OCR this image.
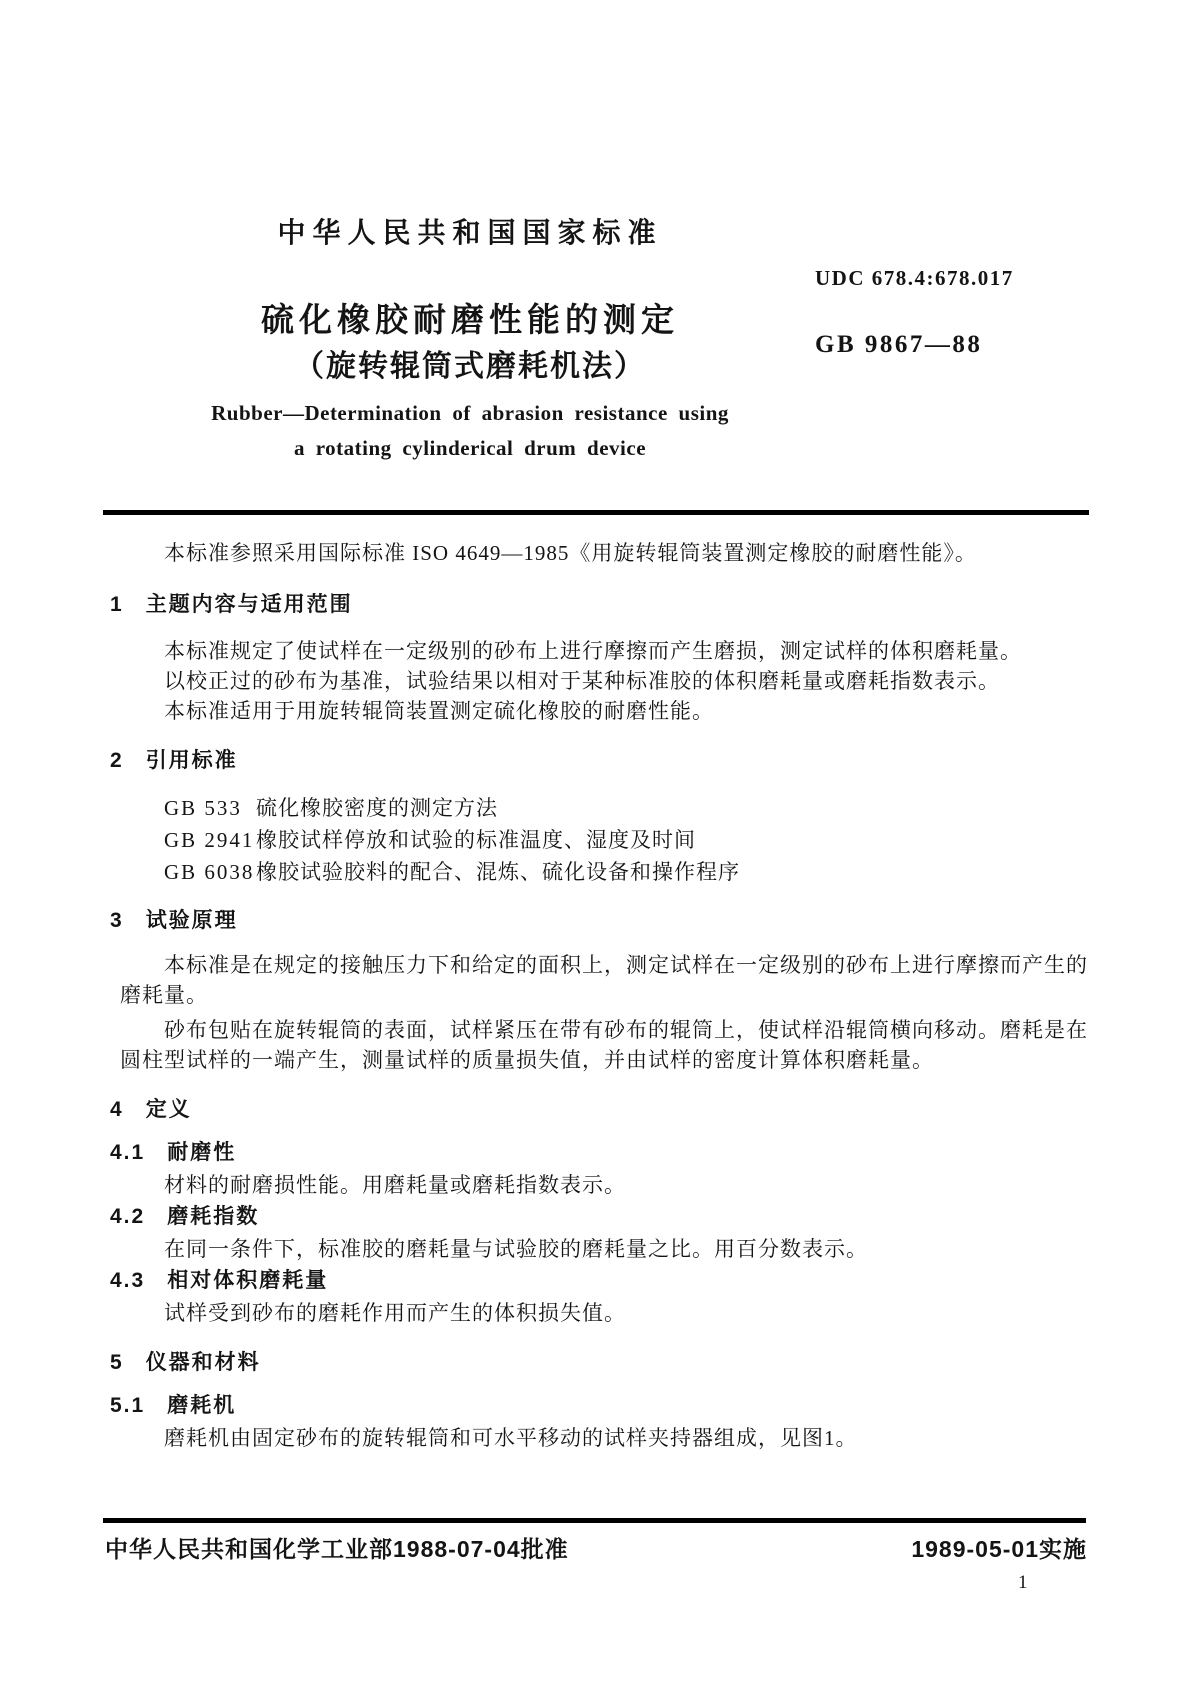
中华人民共和国国家标准
UDC 678.4:678.017
硫化橡胶耐磨性能的测定
（旋转辊筒式磨耗机法）
GB 9867—88
Rubber—Determination of abrasion resistance using
a rotating cylinderical drum device

本标准参照采用国际标准 ISO 4649—1985《用旋转辊筒装置测定橡胶的耐磨性能》。

1 主题内容与适用范围

本标准规定了使试样在一定级别的砂布上进行摩擦而产生磨损，测定试样的体积磨耗量。

以校正过的砂布为基准，试验结果以相对于某种标准胶的体积磨耗量或磨耗指数表示。

本标准适用于用旋转辊筒装置测定硫化橡胶的耐磨性能。

2 引用标准
GB 533 硫化橡胶密度的测定方法
GB 2941橡胶试样停放和试验的标准温度、湿度及时间
GB 6038橡胶试验胶料的配合、混炼、硫化设备和操作程序
3 试验原理

本标准是在规定的接触压力下和给定的面积上，测定试样在一定级别的砂布上进行摩擦而产生的磨耗量。

砂布包贴在旋转辊筒的表面，试样紧压在带有砂布的辊筒上，使试样沿辊筒横向移动。磨耗是在圆柱型试样的一端产生，测量试样的质量损失值，并由试样的密度计算体积磨耗量。

4 定义
4.1 耐磨性

材料的耐磨损性能。用磨耗量或磨耗指数表示。

4.2 磨耗指数

在同一条件下，标准胶的磨耗量与试验胶的磨耗量之比。用百分数表示。

4.3 相对体积磨耗量

试样受到砂布的磨耗作用而产生的体积损失值。

5 仪器和材料
5.1 磨耗机

磨耗机由固定砂布的旋转辊筒和可水平移动的试样夹持器组成，见图1。

中华人民共和国化学工业部1988-07-04批准	1989-05-01实施
1
